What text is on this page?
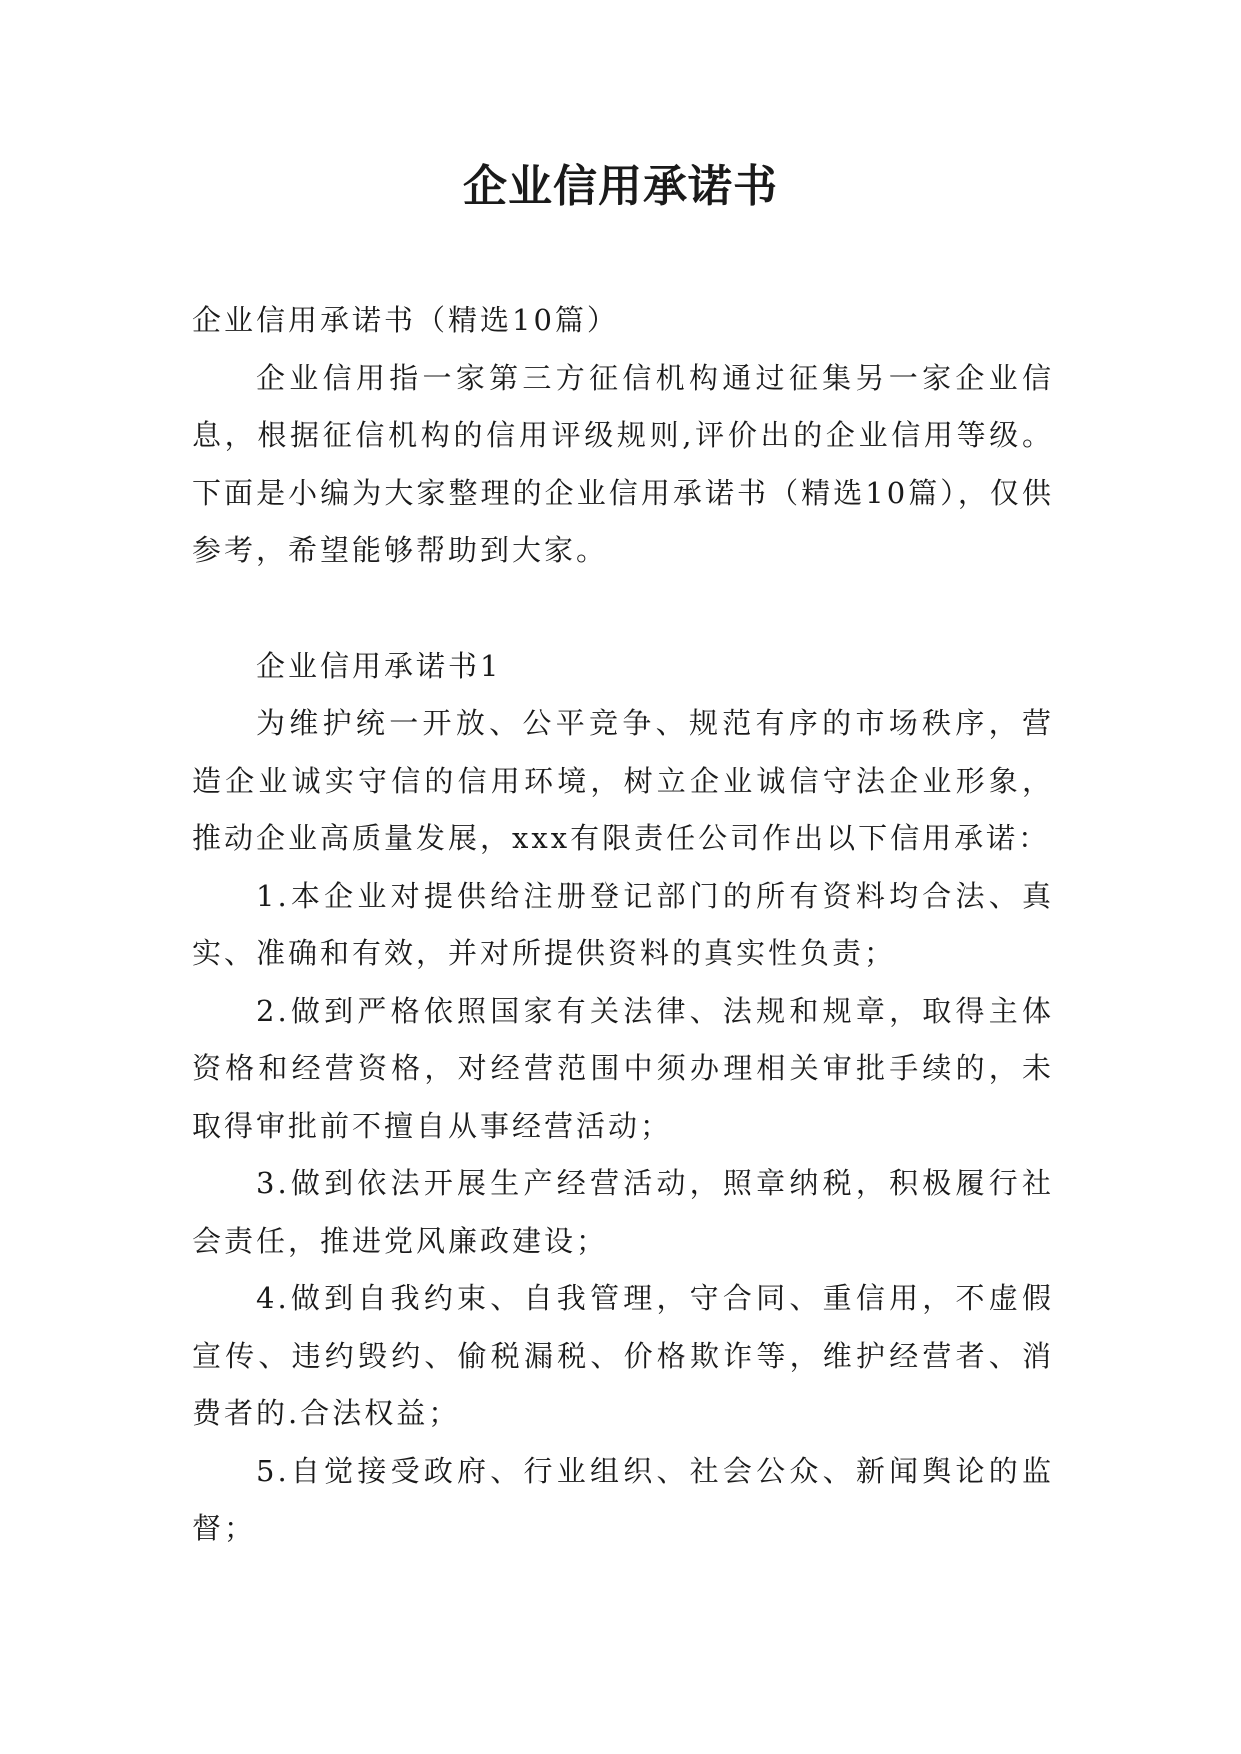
企业信用承诺书

企业信用承诺书（精选10篇）

企业信用指一家第三方征信机构通过征集另一家企业信息，根据征信机构的信用评级规则,评价出的企业信用等级。下面是小编为大家整理的企业信用承诺书（精选10篇），仅供参考，希望能够帮助到大家。

企业信用承诺书1

为维护统一开放、公平竞争、规范有序的市场秩序，营造企业诚实守信的信用环境，树立企业诚信守法企业形象，推动企业高质量发展，xxx有限责任公司作出以下信用承诺：

1.本企业对提供给注册登记部门的所有资料均合法、真实、准确和有效，并对所提供资料的真实性负责；

2.做到严格依照国家有关法律、法规和规章，取得主体资格和经营资格，对经营范围中须办理相关审批手续的，未取得审批前不擅自从事经营活动；

3.做到依法开展生产经营活动，照章纳税，积极履行社会责任，推进党风廉政建设；

4.做到自我约束、自我管理，守合同、重信用，不虚假宣传、违约毁约、偷税漏税、价格欺诈等，维护经营者、消费者的.合法权益；

5.自觉接受政府、行业组织、社会公众、新闻舆论的监督；
